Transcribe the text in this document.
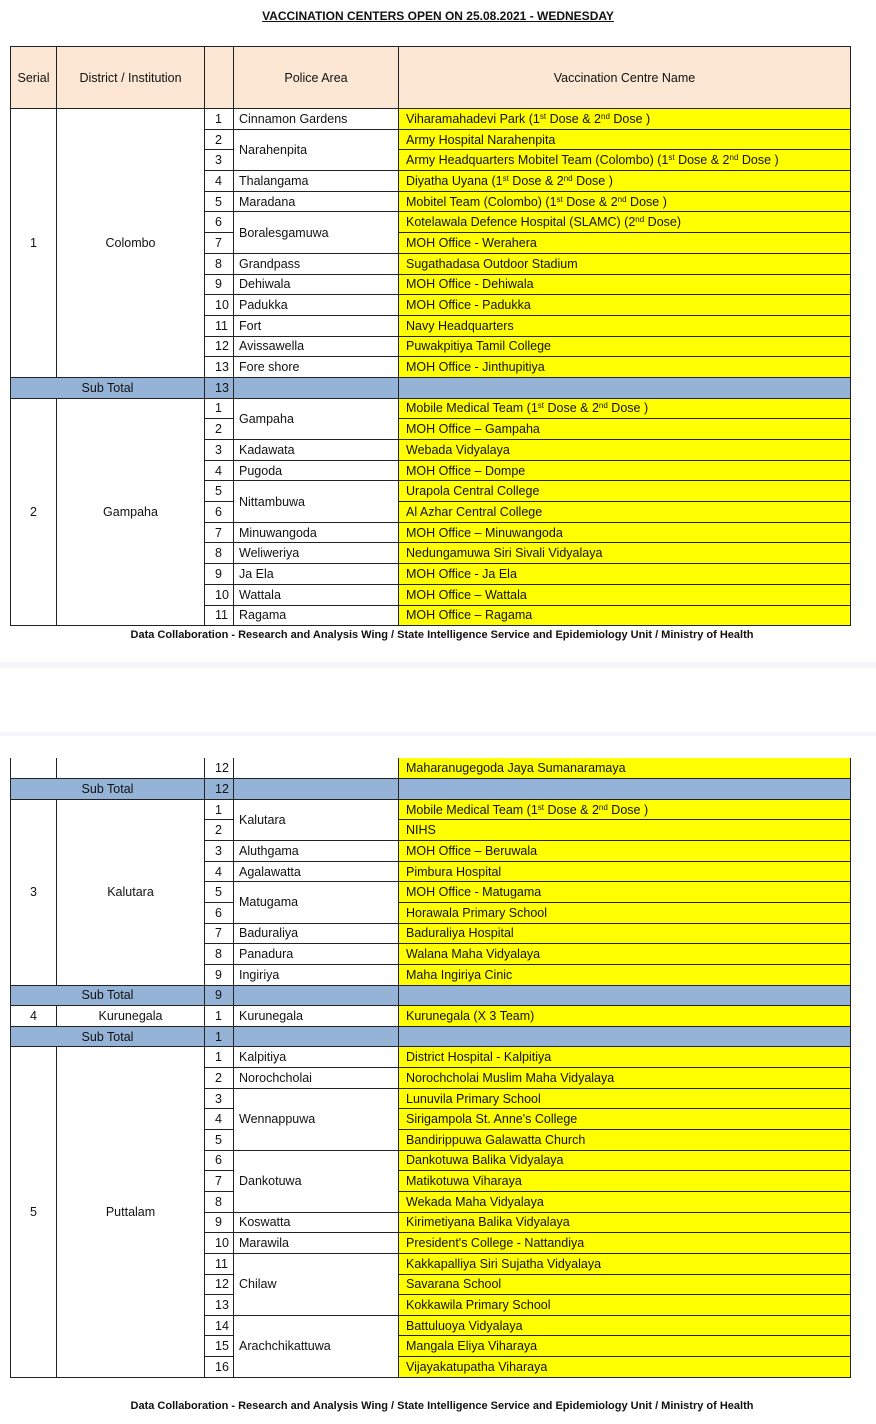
VACCINATION CENTERS OPEN ON 25.08.2021 - WEDNESDAY
Serial	District / Institution		Police Area	Vaccination Centre Name
1	Colombo	1	Cinnamon Gardens	Viharamahadevi Park (1st Dose & 2nd Dose )
		2	Narahenpita	Army Hospital Narahenpita
		3		Army Headquarters Mobitel Team (Colombo) (1st Dose & 2nd Dose )
		4	Thalangama	Diyatha Uyana (1st Dose & 2nd Dose )
		5	Maradana	Mobitel Team (Colombo) (1st Dose & 2nd Dose )
		6	Boralesgamuwa	Kotelawala Defence Hospital (SLAMC) (2nd Dose)
		7		MOH Office - Werahera
		8	Grandpass	Sugathadasa Outdoor Stadium
		9	Dehiwala	MOH Office - Dehiwala
		10	Padukka	MOH Office - Padukka
		11	Fort	Navy Headquarters
		12	Avissawella	Puwakpitiya Tamil College
		13	Fore shore	MOH Office - Jinthupitiya
Sub Total		13		
2	Gampaha	1	Gampaha	Mobile Medical Team (1st Dose & 2nd Dose )
		2		MOH Office – Gampaha
		3	Kadawata	Webada Vidyalaya
		4	Pugoda	MOH Office – Dompe
		5	Nittambuwa	Urapola Central College
		6		Al Azhar Central College
		7	Minuwangoda	MOH Office – Minuwangoda
		8	Weliweriya	Nedungamuwa Siri Sivali Vidyalaya
		9	Ja Ela	MOH Office - Ja Ela
		10	Wattala	MOH Office – Wattala
		11	Ragama	MOH Office – Ragama
Data Collaboration - Research and Analysis Wing / State Intelligence Service and Epidemiology Unit / Ministry of Health
		12		Maharanugegoda Jaya Sumanaramaya
Sub Total		12		
3	Kalutara	1	Kalutara	Mobile Medical Team (1st Dose & 2nd Dose )
		2		NIHS
		3	Aluthgama	MOH Office – Beruwala
		4	Agalawatta	Pimbura Hospital
		5	Matugama	MOH Office - Matugama
		6		Horawala Primary School
		7	Baduraliya	Baduraliya Hospital
		8	Panadura	Walana Maha Vidyalaya
		9	Ingiriya	Maha Ingiriya Cinic
Sub Total		9		
4	Kurunegala	1	Kurunegala	Kurunegala (X 3 Team)
Sub Total		1		
5	Puttalam	1	Kalpitiya	District Hospital - Kalpitiya
		2	Norochcholai	Norochcholai Muslim Maha Vidyalaya
		3	Wennappuwa	Lunuvila Primary School
		4		Sirigampola St. Anne's College
		5		Bandirippuwa Galawatta Church
		6	Dankotuwa	Dankotuwa Balika Vidyalaya
		7		Matikotuwa Viharaya
		8		Wekada Maha Vidyalaya
		9	Koswatta	Kirimetiyana Balika Vidyalaya
		10	Marawila	President's College - Nattandiya
		11	Chilaw	Kakkapalliya Siri Sujatha Vidyalaya
		12		Savarana School
		13		Kokkawila Primary School
		14	Arachchikattuwa	Battuluoya Vidyalaya
		15		Mangala Eliya Viharaya
		16		Vijayakatupatha Viharaya
Data Collaboration - Research and Analysis Wing / State Intelligence Service and Epidemiology Unit / Ministry of Health
